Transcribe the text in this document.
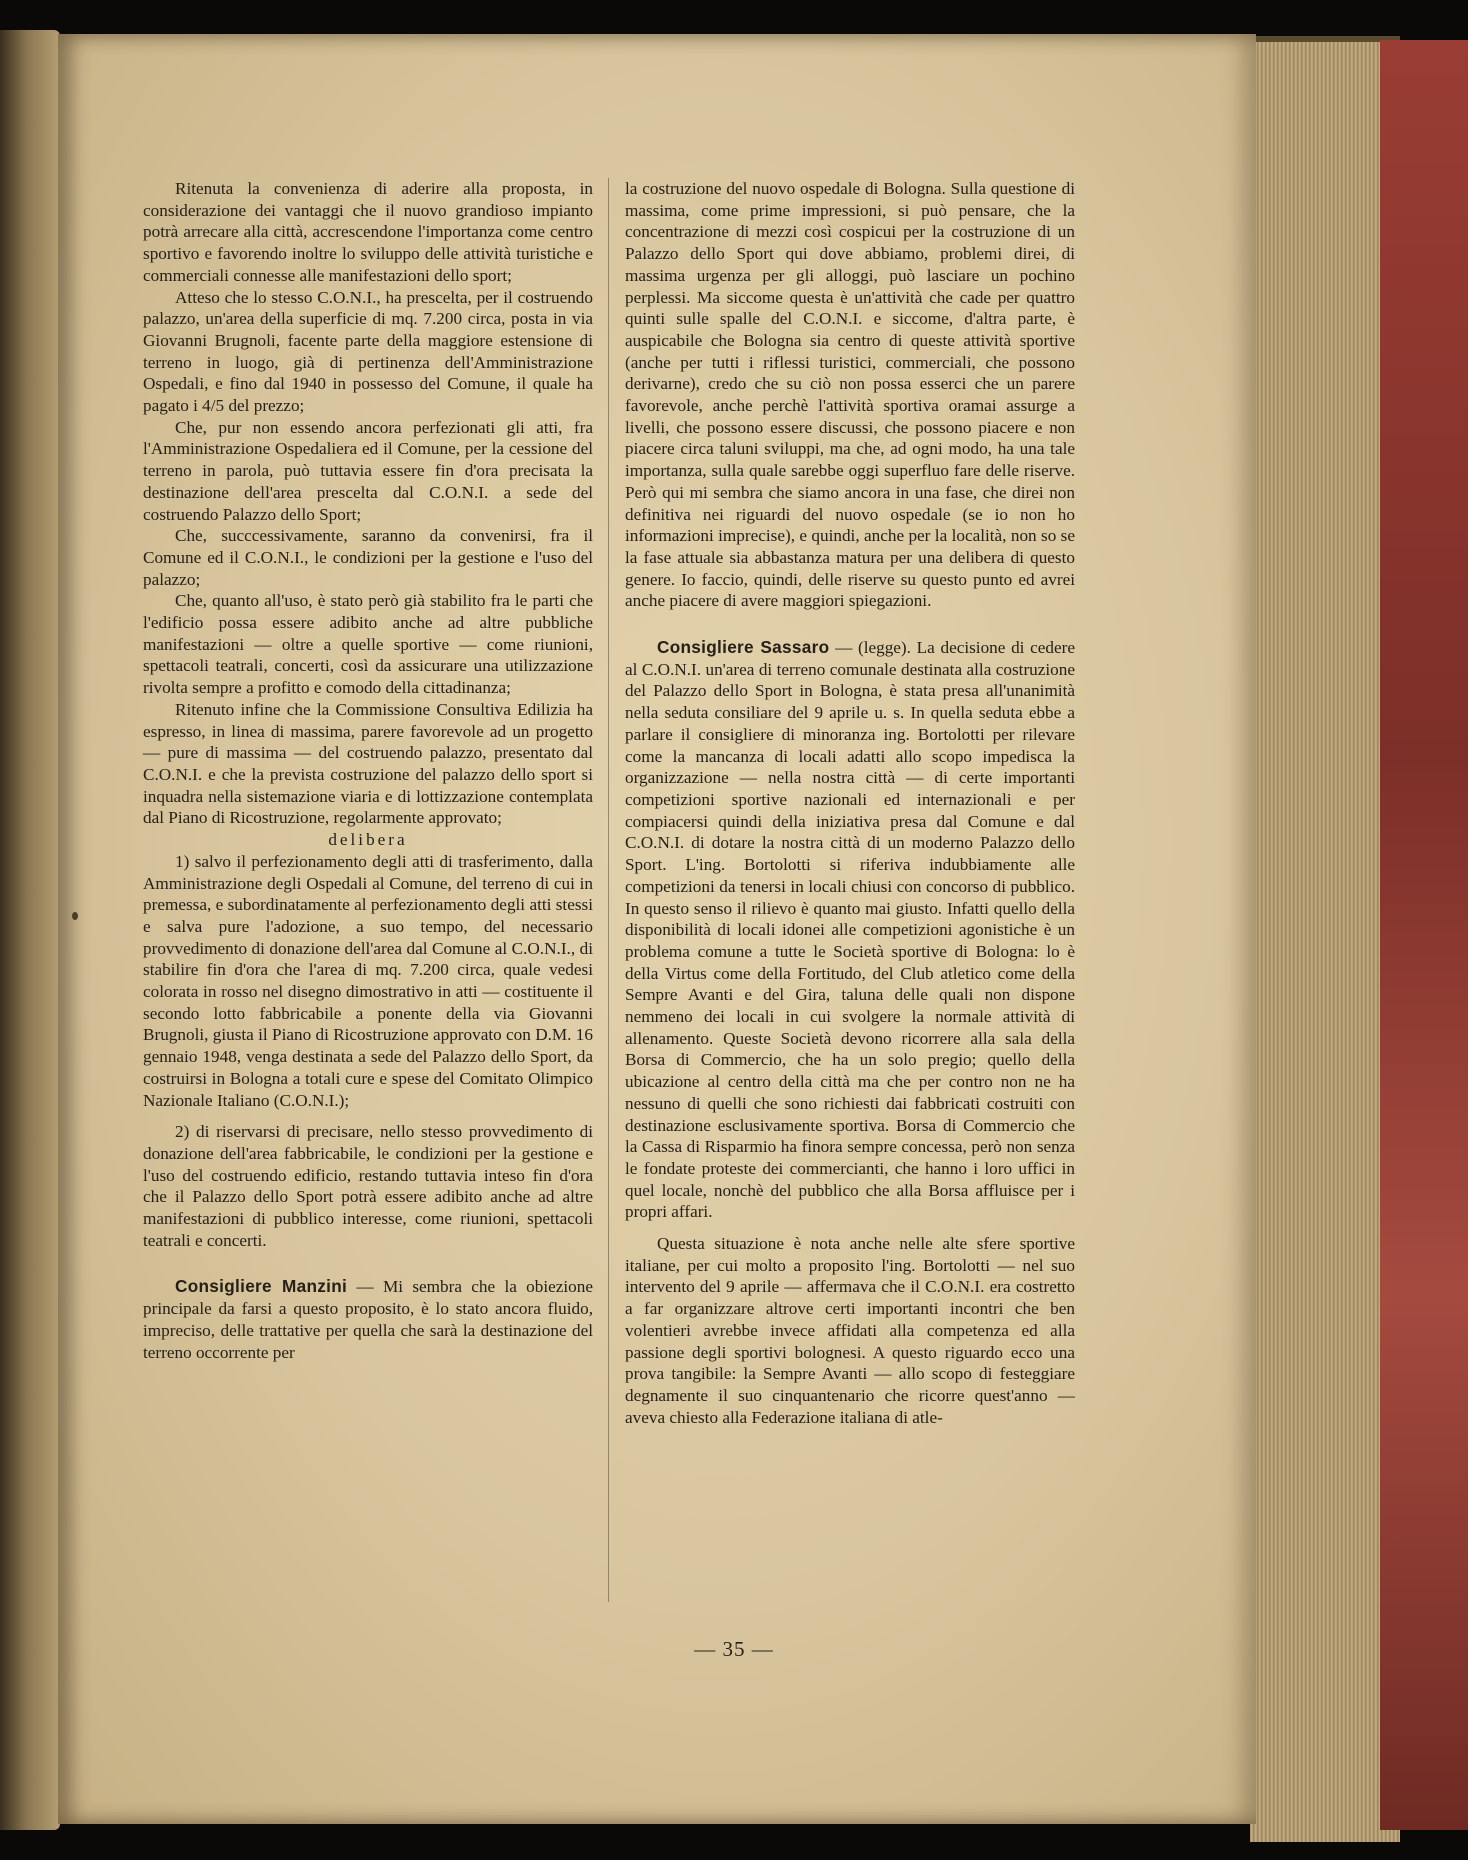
Ritenuta la convenienza di aderire alla proposta, in considerazione dei vantaggi che il nuovo grandioso impianto potrà arrecare alla città, accrescendone l'importanza come centro sportivo e favorendo inoltre lo sviluppo delle attività turistiche e commerciali connesse alle manifestazioni dello sport;

Atteso che lo stesso C.O.N.I., ha prescelta, per il costruendo palazzo, un'area della superficie di mq. 7.200 circa, posta in via Giovanni Brugnoli, facente parte della maggiore estensione di terreno in luogo, già di pertinenza dell'Amministrazione Ospedali, e fino dal 1940 in possesso del Comune, il quale ha pagato i 4/5 del prezzo;

Che, pur non essendo ancora perfezionati gli atti, fra l'Amministrazione Ospedaliera ed il Comune, per la cessione del terreno in parola, può tuttavia essere fin d'ora precisata la destinazione dell'area prescelta dal C.O.N.I. a sede del costruendo Palazzo dello Sport;

Che, succcessivamente, saranno da convenirsi, fra il Comune ed il C.O.N.I., le condizioni per la gestione e l'uso del palazzo;

Che, quanto all'uso, è stato però già stabilito fra le parti che l'edificio possa essere adibito anche ad altre pubbliche manifestazioni — oltre a quelle sportive — come riunioni, spettacoli teatrali, concerti, così da assicurare una utilizzazione rivolta sempre a profitto e comodo della cittadinanza;

Ritenuto infine che la Commissione Consultiva Edilizia ha espresso, in linea di massima, parere favorevole ad un progetto — pure di massima — del costruendo palazzo, presentato dal C.O.N.I. e che la prevista costruzione del palazzo dello sport si inquadra nella sistemazione viaria e di lottizzazione contemplata dal Piano di Ricostruzione, regolarmente approvato;

delibera

1) salvo il perfezionamento degli atti di trasferimento, dalla Amministrazione degli Ospedali al Comune, del terreno di cui in premessa, e subordinatamente al perfezionamento degli atti stessi e salva pure l'adozione, a suo tempo, del necessario provvedimento di donazione dell'area dal Comune al C.O.N.I., di stabilire fin d'ora che l'area di mq. 7.200 circa, quale vedesi colorata in rosso nel disegno dimostrativo in atti — costituente il secondo lotto fabbricabile a ponente della via Giovanni Brugnoli, giusta il Piano di Ricostruzione approvato con D.M. 16 gennaio 1948, venga destinata a sede del Palazzo dello Sport, da costruirsi in Bologna a totali cure e spese del Comitato Olimpico Nazionale Italiano (C.O.N.I.);

2) di riservarsi di precisare, nello stesso provvedimento di donazione dell'area fabbricabile, le condizioni per la gestione e l'uso del costruendo edificio, restando tuttavia inteso fin d'ora che il Palazzo dello Sport potrà essere adibito anche ad altre manifestazioni di pubblico interesse, come riunioni, spettacoli teatrali e concerti.

Consigliere Manzini — Mi sembra che la obiezione principale da farsi a questo proposito, è lo stato ancora fluido, impreciso, delle trattative per quella che sarà la destinazione del terreno occorrente per

la costruzione del nuovo ospedale di Bologna. Sulla questione di massima, come prime impressioni, si può pensare, che la concentrazione di mezzi così cospicui per la costruzione di un Palazzo dello Sport qui dove abbiamo, problemi direi, di massima urgenza per gli alloggi, può lasciare un pochino perplessi. Ma siccome questa è un'attività che cade per quattro quinti sulle spalle del C.O.N.I. e siccome, d'altra parte, è auspicabile che Bologna sia centro di queste attività sportive (anche per tutti i riflessi turistici, commerciali, che possono derivarne), credo che su ciò non possa esserci che un parere favorevole, anche perchè l'attività sportiva oramai assurge a livelli, che possono essere discussi, che possono piacere e non piacere circa taluni sviluppi, ma che, ad ogni modo, ha una tale importanza, sulla quale sarebbe oggi superfluo fare delle riserve. Però qui mi sembra che siamo ancora in una fase, che direi non definitiva nei riguardi del nuovo ospedale (se io non ho informazioni imprecise), e quindi, anche per la località, non so se la fase attuale sia abbastanza matura per una delibera di questo genere. Io faccio, quindi, delle riserve su questo punto ed avrei anche piacere di avere maggiori spiegazioni.

Consigliere Sassaro — (legge). La decisione di cedere al C.O.N.I. un'area di terreno comunale destinata alla costruzione del Palazzo dello Sport in Bologna, è stata presa all'unanimità nella seduta consiliare del 9 aprile u. s. In quella seduta ebbe a parlare il consigliere di minoranza ing. Bortolotti per rilevare come la mancanza di locali adatti allo scopo impedisca la organizzazione — nella nostra città — di certe importanti competizioni sportive nazionali ed internazionali e per compiacersi quindi della iniziativa presa dal Comune e dal C.O.N.I. di dotare la nostra città di un moderno Palazzo dello Sport. L'ing. Bortolotti si riferiva indubbiamente alle competizioni da tenersi in locali chiusi con concorso di pubblico. In questo senso il rilievo è quanto mai giusto. Infatti quello della disponibilità di locali idonei alle competizioni agonistiche è un problema comune a tutte le Società sportive di Bologna: lo è della Virtus come della Fortitudo, del Club atletico come della Sempre Avanti e del Gira, taluna delle quali non dispone nemmeno dei locali in cui svolgere la normale attività di allenamento. Queste Società devono ricorrere alla sala della Borsa di Commercio, che ha un solo pregio; quello della ubicazione al centro della città ma che per contro non ne ha nessuno di quelli che sono richiesti dai fabbricati costruiti con destinazione esclusivamente sportiva. Borsa di Commercio che la Cassa di Risparmio ha finora sempre concessa, però non senza le fondate proteste dei commercianti, che hanno i loro uffici in quel locale, nonchè del pubblico che alla Borsa affluisce per i propri affari.

Questa situazione è nota anche nelle alte sfere sportive italiane, per cui molto a proposito l'ing. Bortolotti — nel suo intervento del 9 aprile — affermava che il C.O.N.I. era costretto a far organizzare altrove certi importanti incontri che ben volentieri avrebbe invece affidati alla competenza ed alla passione degli sportivi bolognesi. A questo riguardo ecco una prova tangibile: la Sempre Avanti — allo scopo di festeggiare degnamente il suo cinquantenario che ricorre quest'anno — aveva chiesto alla Federazione italiana di atle-

— 35 —
